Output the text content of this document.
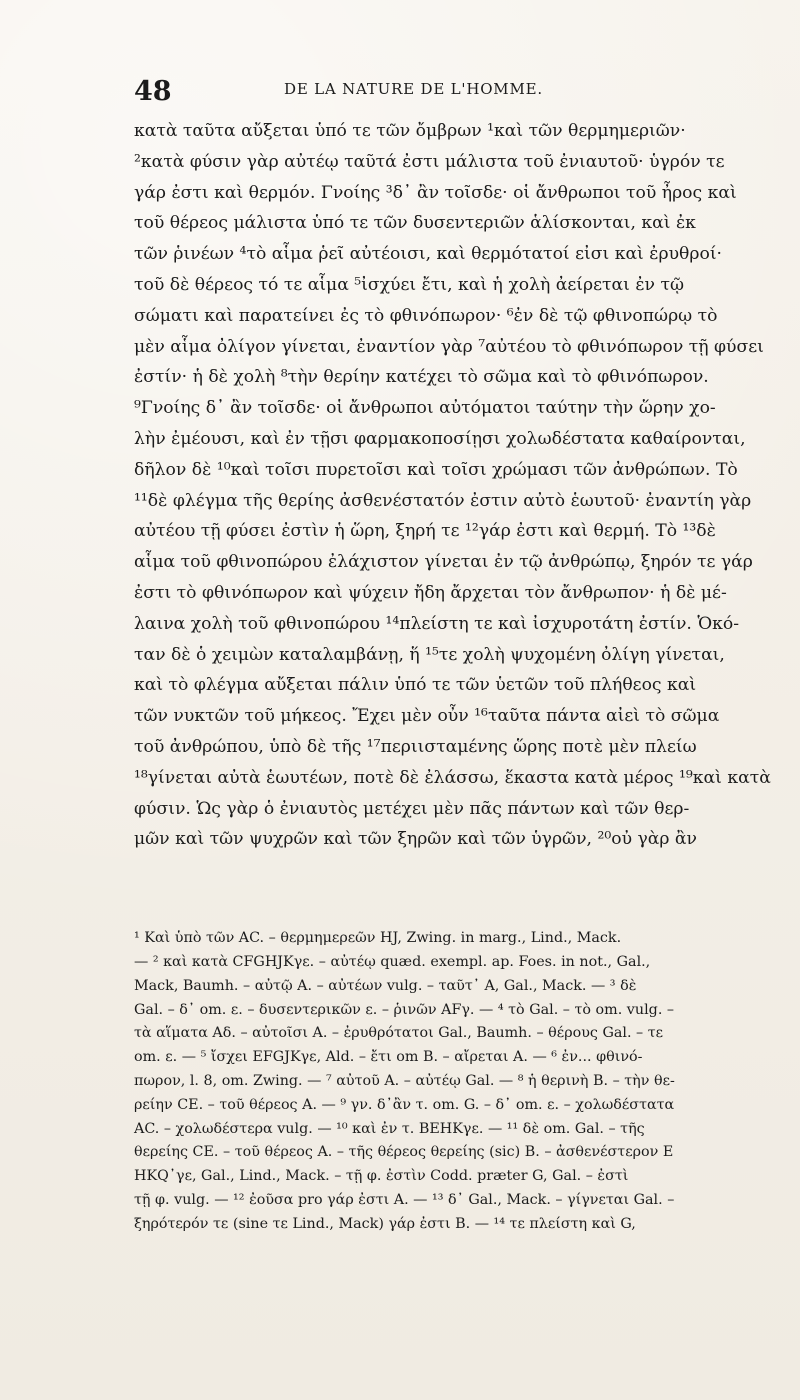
48	DE LA NATURE DE L'HOMME.
κατὰ ταῦτα αὔξεται ὑπό τε τῶν ὄμβρων ¹καὶ τῶν θερμημεριῶν·
²κατὰ φύσιν γὰρ αὐτέῳ ταῦτά ἐστι μάλιστα τοῦ ἐνιαυτοῦ· ὑγρόν τε
γάρ ἐστι καὶ θερμόν. Γνοίης ³δ᾽ ἂν τοῖσδε· οἱ ἄνθρωποι τοῦ ἦρος καὶ
τοῦ θέρεος μάλιστα ὑπό τε τῶν δυσεντεριῶν ἁλίσκονται, καὶ ἐκ
τῶν ῥινέων ⁴τὸ αἷμα ῥεῖ αὐτέοισι, καὶ θερμότατοί εἰσι καὶ ἐρυθροί·
τοῦ δὲ θέρεος τό τε αἷμα ⁵ἰσχύει ἔτι, καὶ ἡ χολὴ ἀείρεται ἐν τῷ
σώματι καὶ παρατείνει ἐς τὸ φθινόπωρον· ⁶ἐν δὲ τῷ φθινοπώρῳ τὸ
μὲν αἷμα ὀλίγον γίνεται, ἐναντίον γὰρ ⁷αὐτέου τὸ φθινόπωρον τῇ φύσει
ἐστίν· ἡ δὲ χολὴ ⁸τὴν θερίην κατέχει τὸ σῶμα καὶ τὸ φθινόπωρον.
⁹Γνοίης δ᾽ ἂν τοῖσδε· οἱ ἄνθρωποι αὐτόματοι ταύτην τὴν ὥρην χο-
λὴν ἐμέουσι, καὶ ἐν τῇσι φαρμακοποσίῃσι χολωδέστατα καθαίρονται,
δῆλον δὲ ¹⁰καὶ τοῖσι πυρετοῖσι καὶ τοῖσι χρώμασι τῶν ἀνθρώπων. Τὸ
¹¹δὲ φλέγμα τῆς θερίης ἀσθενέστατόν ἐστιν αὐτὸ ἑωυτοῦ· ἐναντίη γὰρ
αὐτέου τῇ φύσει ἐστὶν ἡ ὥρη, ξηρή τε ¹²γάρ ἐστι καὶ θερμή. Τὸ ¹³δὲ
αἷμα τοῦ φθινοπώρου ἐλάχιστον γίνεται ἐν τῷ ἀνθρώπῳ, ξηρόν τε γάρ
ἐστι τὸ φθινόπωρον καὶ ψύχειν ἤδη ἄρχεται τὸν ἄνθρωπον· ἡ δὲ μέ-
λαινα χολὴ τοῦ φθινοπώρου ¹⁴πλείστη τε καὶ ἰσχυροτάτη ἐστίν. Ὁκό-
ταν δὲ ὁ χειμὼν καταλαμβάνῃ, ἥ ¹⁵τε χολὴ ψυχομένη ὀλίγη γίνεται,
καὶ τὸ φλέγμα αὔξεται πάλιν ὑπό τε τῶν ὑετῶν τοῦ πλήθεος καὶ
τῶν νυκτῶν τοῦ μήκεος. Ἔχει μὲν οὖν ¹⁶ταῦτα πάντα αἰεὶ τὸ σῶμα
τοῦ ἀνθρώπου, ὑπὸ δὲ τῆς ¹⁷περιισταμένης ὥρης ποτὲ μὲν πλείω
¹⁸γίνεται αὐτὰ ἑωυτέων, ποτὲ δὲ ἐλάσσω, ἕκαστα κατὰ μέρος ¹⁹καὶ κατὰ
φύσιν. Ὡς γὰρ ὁ ἐνιαυτὸς μετέχει μὲν πᾶς πάντων καὶ τῶν θερ-
μῶν καὶ τῶν ψυχρῶν καὶ τῶν ξηρῶν καὶ τῶν ὑγρῶν, ²⁰οὐ γὰρ ἂν
¹ Καὶ ὑπὸ τῶν AC. – θερμημερεῶν HJ, Zwing. in marg., Lind., Mack.
— ² καὶ κατὰ CFGHJKγε. – αὐτέῳ quæd. exempl. ap. Foes. in not., Gal.,
Mack, Baumh. – αὐτῷ A. – αὐτέων vulg. – ταῦτ᾽ A, Gal., Mack. — ³ δὲ
Gal. – δ᾽ om. ε. – δυσεντερικῶν ε. – ῥινῶν AFγ. — ⁴ τὸ Gal. – τὸ om. vulg. –
τὰ αἵματα Αδ. – αὐτοῖσι A. – ἐρυθρότατοι Gal., Baumh. – θέρους Gal. – τε
om. ε. — ⁵ ἴσχει EFGJKγε, Ald. – ἔτι om B. – αἴρεται A. — ⁶ ἐν... φθινό-
πωρον, l. 8, om. Zwing. — ⁷ αὐτοῦ A. – αὐτέῳ Gal. — ⁸ ἡ θερινὴ B. – τὴν θε-
ρείην CE. – τοῦ θέρεος A. — ⁹ γν. δ᾽ἂν τ. om. G. – δ᾽ om. ε. – χολωδέστατα
AC. – χολωδέστερα vulg. — ¹⁰ καὶ ἐν τ. BEHKγε. — ¹¹ δὲ om. Gal. – τῆς
θερείης CE. – τοῦ θέρεος A. – τῆς θέρεος θερείης (sic) B. – ἀσθενέστερον E
HKQ᾽γε, Gal., Lind., Mack. – τῇ φ. ἐστὶν Codd. præter G, Gal. – ἐστὶ
τῇ φ. vulg. — ¹² ἐοῦσα pro γάρ ἐστι A. — ¹³ δ᾽ Gal., Mack. – γίγνεται Gal. –
ξηρότερόν τε (sine τε Lind., Mack) γάρ ἐστι B. — ¹⁴ τε πλείστη καὶ G,
